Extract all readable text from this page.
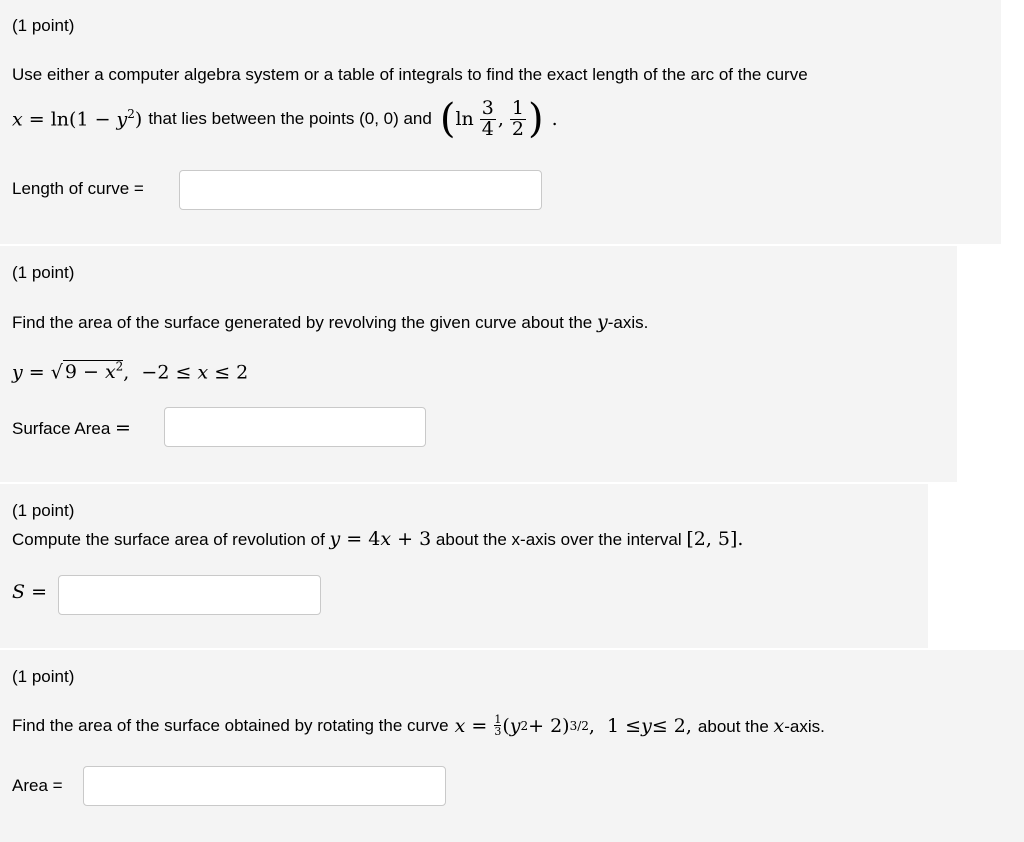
(1 point)
Use either a computer algebra system or a table of integrals to find the exact length of the arc of the curve
$x = \ln(1 - y^2)$ that lies between the points (0, 0) and ( $\ln \frac{3}{4}$ , $\frac{1}{2}$ ) .
Length of curve =
(1 point)
Find the area of the surface generated by revolving the given curve about the y-axis.
y = √ $9 - x^2$,  −2 ≤ x ≤ 2
Surface Area =
(1 point)
Compute the surface area of revolution of y = 4x + 3 about the x-axis over the interval [2, 5].
S =
(1 point)
Find the area of the surface obtained by rotating the curve x = 1
3 ( y 2 + 2) 3/2 ,  1 ≤ y ≤ 2, about the x-axis.
Area =
